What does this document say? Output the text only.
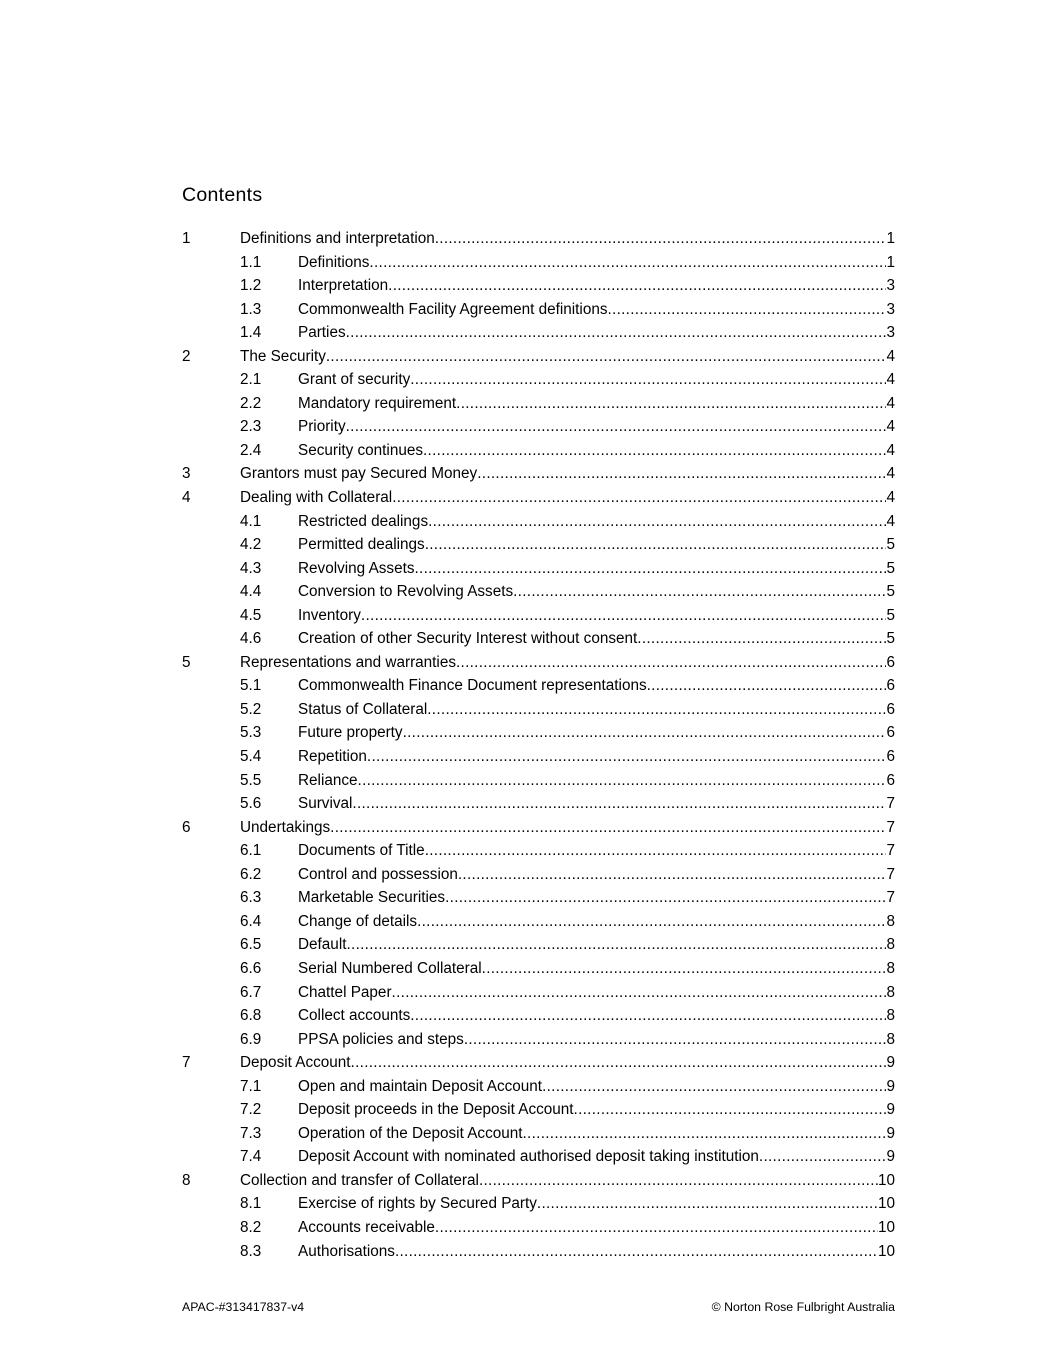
Contents
1	Definitions and interpretation .....	1
1.1 Definitions .....	1
1.2 Interpretation .....	3
1.3 Commonwealth Facility Agreement definitions .....	3
1.4 Parties .....	3
2	The Security .....	4
2.1 Grant of security .....	4
2.2 Mandatory requirement .....	4
2.3 Priority .....	4
2.4 Security continues .....	4
3	Grantors must pay Secured Money .....	4
4	Dealing with Collateral .....	4
4.1 Restricted dealings .....	4
4.2 Permitted dealings .....	5
4.3 Revolving Assets .....	5
4.4 Conversion to Revolving Assets .....	5
4.5 Inventory .....	5
4.6 Creation of other Security Interest without consent .....	5
5	Representations and warranties .....	6
5.1 Commonwealth Finance Document representations .....	6
5.2 Status of Collateral .....	6
5.3 Future property .....	6
5.4 Repetition .....	6
5.5 Reliance .....	6
5.6 Survival .....	7
6	Undertakings .....	7
6.1 Documents of Title .....	7
6.2 Control and possession .....	7
6.3 Marketable Securities .....	7
6.4 Change of details .....	8
6.5 Default .....	8
6.6 Serial Numbered Collateral .....	8
6.7 Chattel Paper .....	8
6.8 Collect accounts .....	8
6.9 PPSA policies and steps .....	8
7	Deposit Account .....	9
7.1 Open and maintain Deposit Account .....	9
7.2 Deposit proceeds in the Deposit Account .....	9
7.3 Operation of the Deposit Account .....	9
7.4 Deposit Account with nominated authorised deposit taking institution .....	9
8	Collection and transfer of Collateral .....	10
8.1 Exercise of rights by Secured Party .....	10
8.2 Accounts receivable .....	10
8.3 Authorisations .....	10
APAC-#313417837-v4	© Norton Rose Fulbright Australia
